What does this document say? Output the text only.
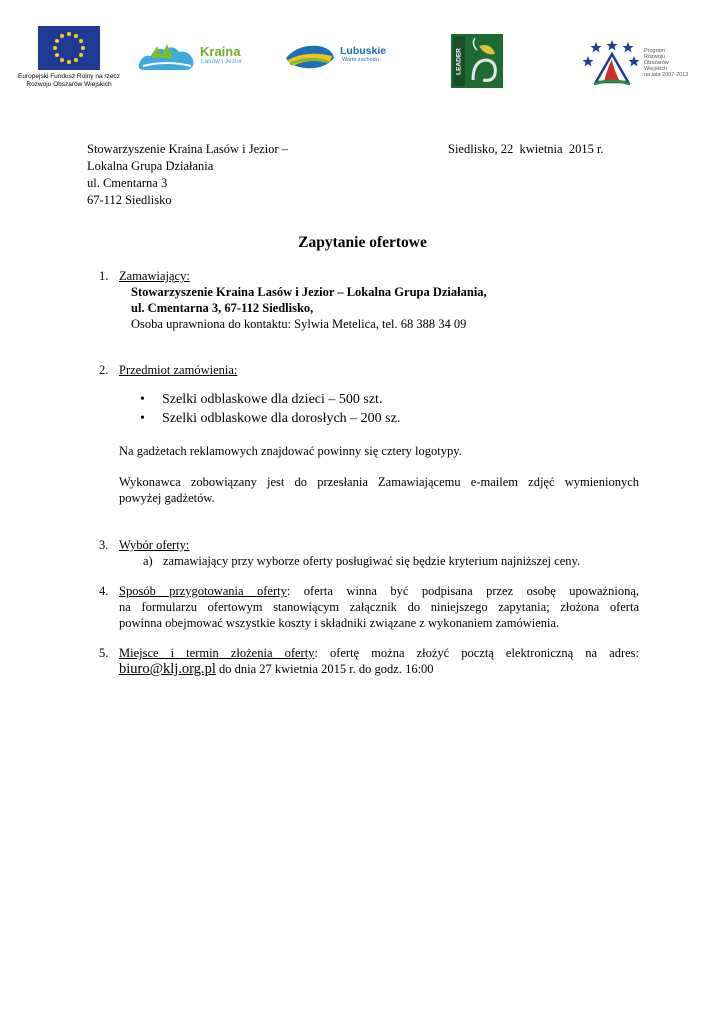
Europejski Fundusz Rolny na rzecz
Rozwoju Obszarów Wiejskich
Kraina
Lasów i Jezior
Lubuskie
Warte zachodu	LEADER	Program
Rozwoju
Obszarów
Wiejskich
na lata 2007-2013
Stowarzyszenie Kraina Lasów i Jezior –
Lokalna Grupa Działania
ul. Cmentarna 3
67-112 Siedlisko
Siedlisko, 22  kwietnia  2015 r.
Zapytanie ofertowe
1. Zamawiający:
Stowarzyszenie Kraina Lasów i Jezior – Lokalna Grupa Działania,
ul. Cmentarna 3, 67-112 Siedlisko,
Osoba uprawniona do kontaktu: Sylwia Metelica, tel. 68 388 34 09
2. Przedmiot zamówienia:
• Szelki odblaskowe dla dzieci – 500 szt.
• Szelki odblaskowe dla dorosłych – 200 sz.
Na gadżetach reklamowych znajdować powinny się cztery logotypy.
Wykonawca zobowiązany jest do przesłania Zamawiającemu e-mailem zdjęć wymienionych
powyżej gadżetów.
3. Wybór oferty:
a) zamawiający przy wyborze oferty posługiwać się będzie kryterium najniższej ceny.
4. Sposób przygotowania oferty: oferta winna być podpisana przez osobę upoważnioną,
na formularzu ofertowym stanowiącym załącznik do niniejszego zapytania; złożona oferta
powinna obejmować wszystkie koszty i składniki związane z wykonaniem zamówienia.
5. Miejsce i termin złożenia oferty: ofertę można złożyć pocztą elektroniczną na adres:
biuro@klj.org.pl do dnia 27 kwietnia 2015 r. do godz. 16:00
